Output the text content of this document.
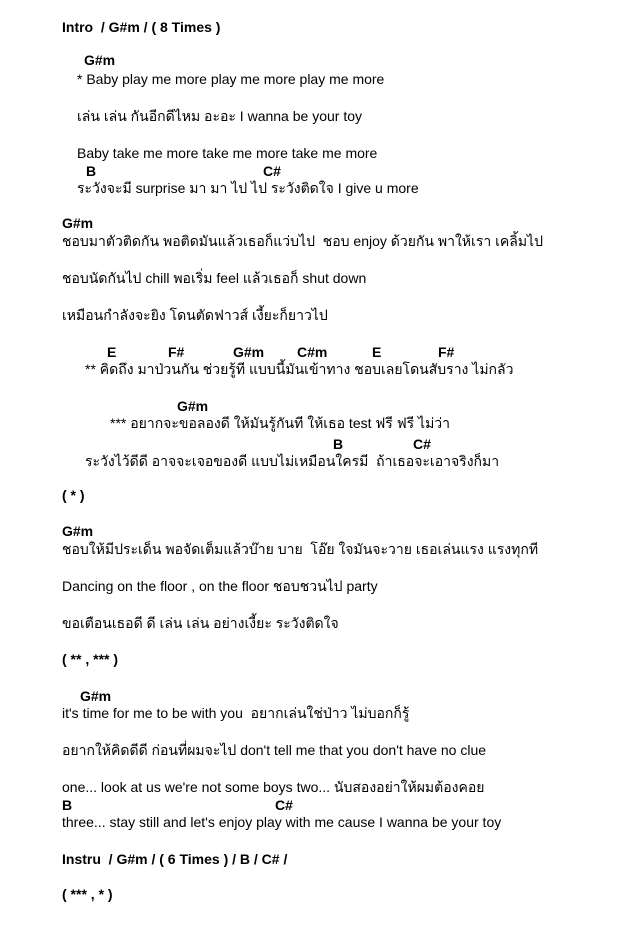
Intro  / G#m / ( 8 Times )
G#m
* Baby play me more play me more play me more
เล่น เล่น กันอีกดีไหม อะอะ I wanna be your toy
Baby take me more take me more take me more
B	C#
ระวังจะมี surprise มา มา ไป ไป ระวังติดใจ I give u more
G#m
ชอบมาตัวติดกัน พอติดมันแล้วเธอก็แว่บไป  ชอบ enjoy ด้วยกัน พาให้เรา เคลิ้มไป
ชอบนัดกันไป chill พอเริ่ม feel แล้วเธอก็ shut down
เหมือนกำลังจะยิง โดนตัดฟาวส์ เงี้ยะก็ยาวไป
E	F#	G#m C#m	E	F#
** คิดถึง มาป่วนกัน ช่วยรู้ที แบบนี้มันเข้าทาง ชอบเลยโดนสับราง ไม่กลัว
G#m
*** อยากจะขอลองดี ให้มันรู้กันที ให้เธอ test ฟรี ฟรี ไม่ว่า
B	C#
ระวังไว้ดีดี อาจจะเจอของดี แบบไม่เหมือนใครมี  ถ้าเธอจะเอาจริงก็มา
( * )
G#m
ชอบให้มีประเด็น พอจัดเต็มแล้วบ๊าย บาย  โอ๊ย ใจมันจะวาย เธอเล่นแรง แรงทุกที
Dancing on the floor , on the floor ชอบชวนไป party
ขอเตือนเธอดี ดี เล่น เล่น อย่างเงี้ยะ ระวังติดใจ
( ** , *** )
G#m
it's time for me to be with you  อยากเล่นใช่ป่าว ไม่บอกก็รู้
อยากให้คิดดีดี ก่อนที่ผมจะไป don't tell me that you don't have no clue
one... look at us we're not some boys two... นับสองอย่าให้ผมต้องคอย
B	C#
three... stay still and let's enjoy play with me cause I wanna be your toy
Instru  / G#m / ( 6 Times ) / B / C# /
( *** , * )
